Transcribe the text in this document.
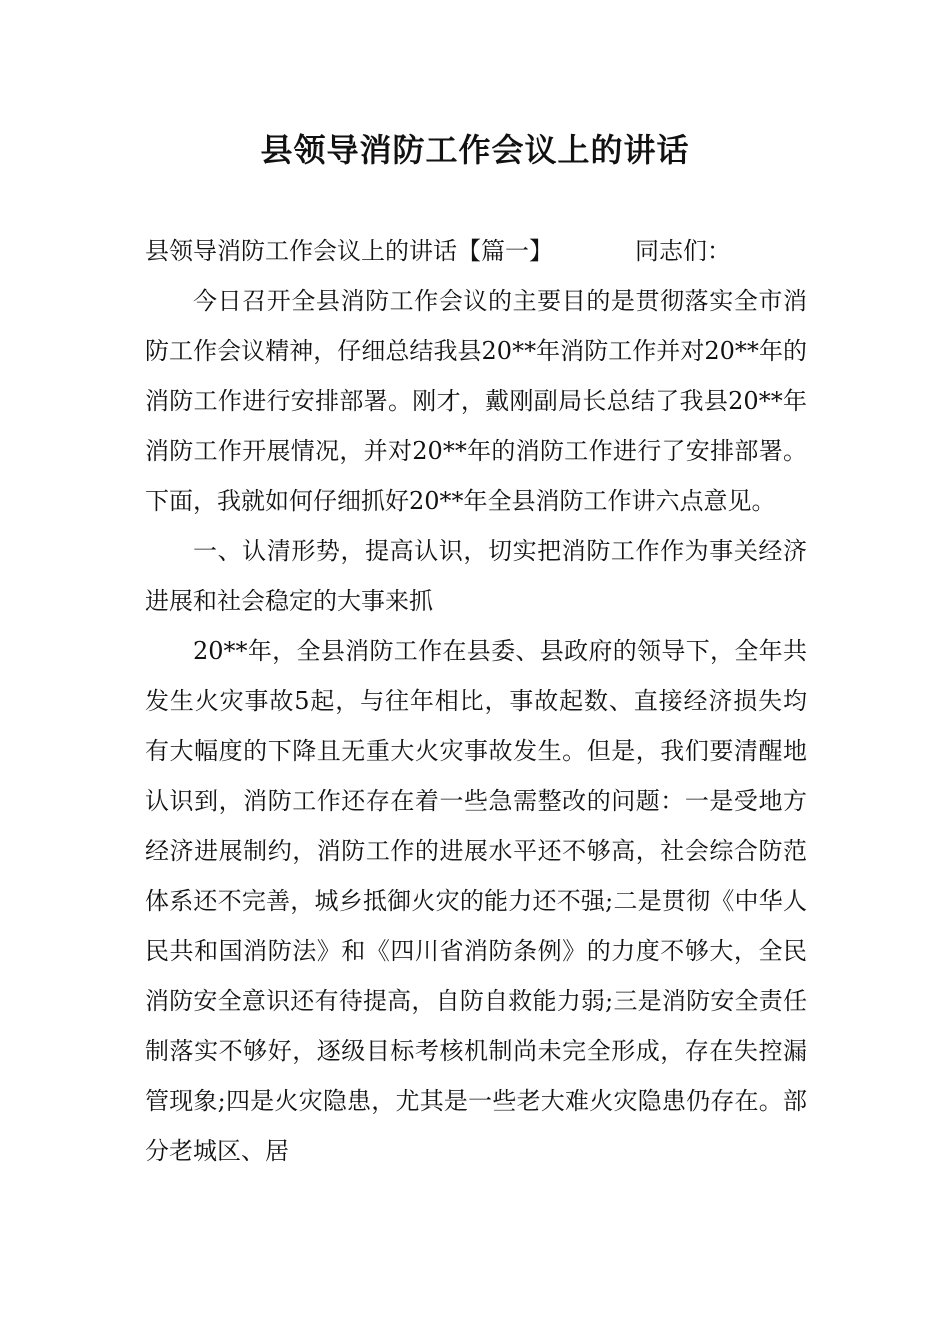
县领导消防工作会议上的讲话

县领导消防工作会议上的讲话【篇一】	同志们：

今日召开全县消防工作会议的主要目的是贯彻落实全市消防工作会议精神，仔细总结我县20**年消防工作并对20**年的消防工作进行安排部署。刚才，戴刚副局长总结了我县20**年消防工作开展情况，并对20**年的消防工作进行了安排部署。下面，我就如何仔细抓好20**年全县消防工作讲六点意见。

一、认清形势，提高认识，切实把消防工作作为事关经济进展和社会稳定的大事来抓

20**年，全县消防工作在县委、县政府的领导下，全年共发生火灾事故5起，与往年相比，事故起数、直接经济损失均有大幅度的下降且无重大火灾事故发生。但是，我们要清醒地认识到，消防工作还存在着一些急需整改的问题：一是受地方经济进展制约，消防工作的进展水平还不够高，社会综合防范体系还不完善，城乡抵御火灾的能力还不强;二是贯彻《中华人民共和国消防法》和《四川省消防条例》的力度不够大，全民消防安全意识还有待提高，自防自救能力弱;三是消防安全责任制落实不够好，逐级目标考核机制尚未完全形成，存在失控漏管现象;四是火灾隐患，尤其是一些老大难火灾隐患仍存在。部分老城区、居
